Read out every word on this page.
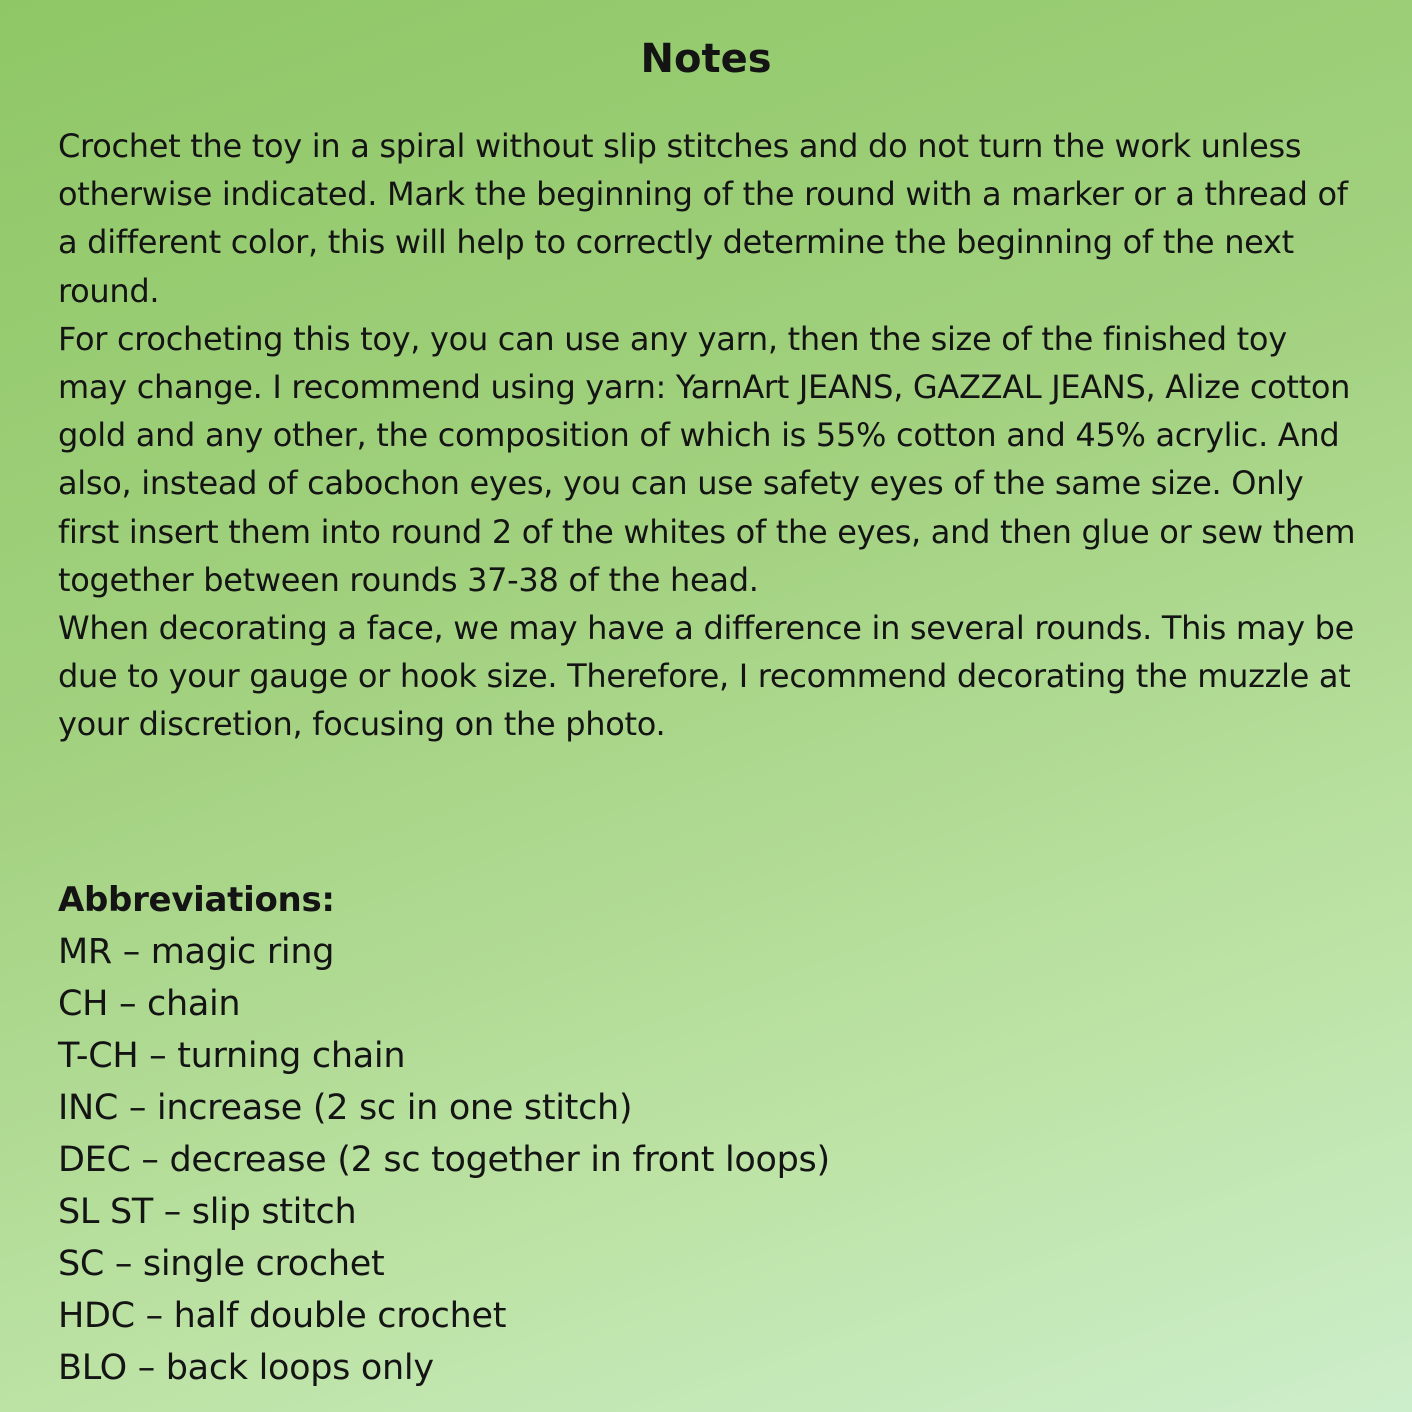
Notes

Crochet the toy in a spiral without slip stitches and do not turn the work unless otherwise indicated. Mark the beginning of the round with a marker or a thread of a different color, this will help to correctly determine the beginning of the next round.

For crocheting this toy, you can use any yarn, then the size of the finished toy may change. I recommend using yarn: YarnArt JEANS, GAZZAL JEANS, Alize cotton gold and any other, the composition of which is 55% cotton and 45% acrylic. And also, instead of cabochon eyes, you can use safety eyes of the same size. Only first insert them into round 2 of the whites of the eyes, and then glue or sew them together between rounds 37-38 of the head.

When decorating a face, we may have a difference in several rounds. This may be due to your gauge or hook size. Therefore, I recommend decorating the muzzle at your discretion, focusing on the photo.

Abbreviations:
MR – magic ring
CH – chain
T-CH – turning chain
INC – increase (2 sc in one stitch)
DEC – decrease (2 sc together in front loops)
SL ST – slip stitch
SC – single crochet
HDC – half double crochet
BLO – back loops only
